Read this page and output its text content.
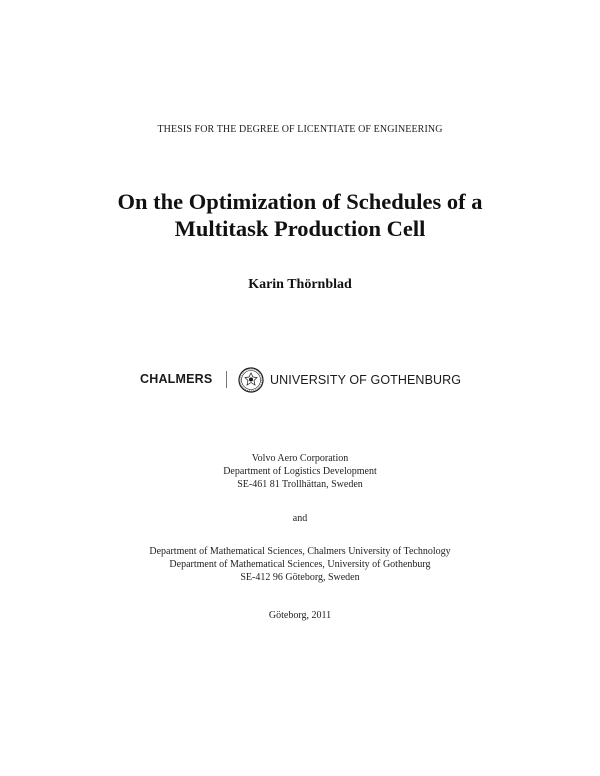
THESIS FOR THE DEGREE OF LICENTIATE OF ENGINEERING
On the Optimization of Schedules of a
Multitask Production Cell
Karin Thörnblad
CHALMERS	UNIVERSITY OF GOTHENBURG
Volvo Aero Corporation
Department of Logistics Development
SE-461 81 Trollhättan, Sweden
and
Department of Mathematical Sciences, Chalmers University of Technology
Department of Mathematical Sciences, University of Gothenburg
SE-412 96 Göteborg, Sweden
Göteborg, 2011
